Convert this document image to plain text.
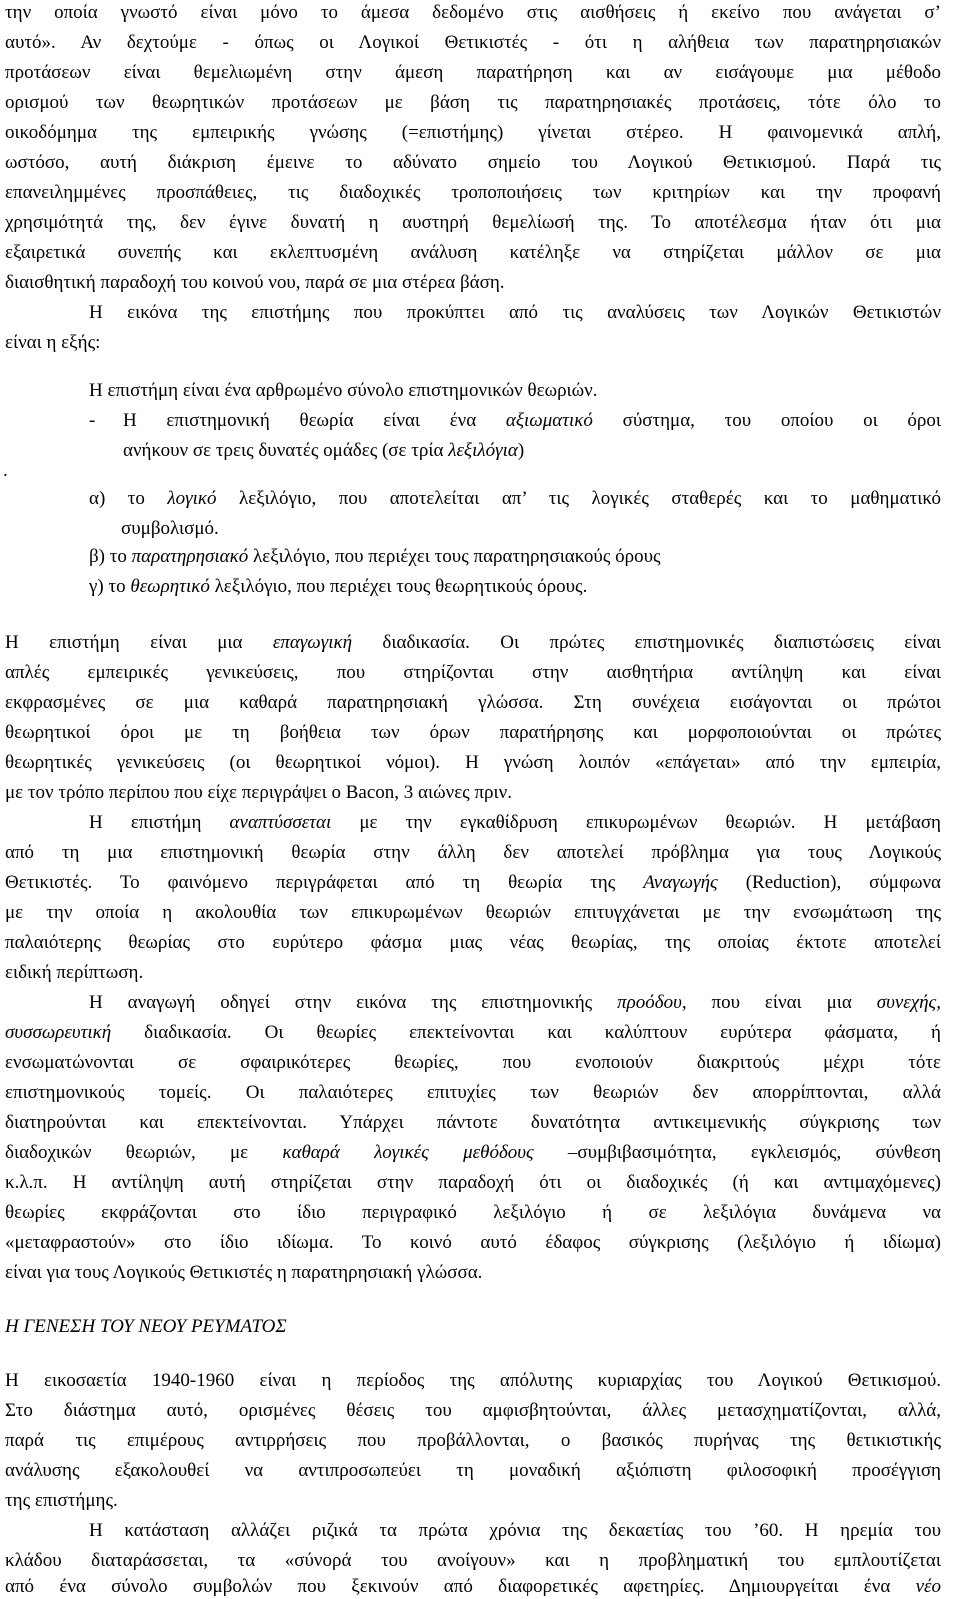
την οποία γνωστό είναι μόνο το άμεσα δεδομένο στις αισθήσεις ή εκείνο που ανάγεται σ’
αυτό». Αν δεχτούμε - όπως οι Λογικοί Θετικιστές - ότι η αλήθεια των παρατηρησιακών
προτάσεων είναι θεμελιωμένη στην άμεση παρατήρηση και αν εισάγουμε μια μέθοδο
ορισμού των θεωρητικών προτάσεων με βάση τις παρατηρησιακές προτάσεις, τότε όλο το
οικοδόμημα της εμπειρικής γνώσης (=επιστήμης) γίνεται στέρεο. Η φαινομενικά απλή,
ωστόσο, αυτή διάκριση έμεινε το αδύνατο σημείο του Λογικού Θετικισμού. Παρά τις
επανειλημμένες προσπάθειες, τις διαδοχικές τροποποιήσεις των κριτηρίων και την προφανή
χρησιμότητά της, δεν έγινε δυνατή η αυστηρή θεμελίωσή της. Το αποτέλεσμα ήταν ότι μια
εξαιρετικά συνεπής και εκλεπτυσμένη ανάλυση κατέληξε να στηρίζεται μάλλον σε μια
διαισθητική παραδοχή του κοινού νου, παρά σε μια στέρεα βάση.
Η εικόνα της επιστήμης που προκύπτει από τις αναλύσεις των Λογικών Θετικιστών
είναι η εξής:
Η επιστήμη είναι ένα αρθρωμένο σύνολο επιστημονικών θεωριών.
- Η επιστημονική θεωρία είναι ένα αξιωματικό σύστημα, του οποίου οι όροι
ανήκουν σε τρεις δυνατές ομάδες (σε τρία λεξιλόγια)
.
α) το λογικό λεξιλόγιο, που αποτελείται απ’ τις λογικές σταθερές και το μαθηματικό
συμβολισμό.
β) το παρατηρησιακό λεξιλόγιο, που περιέχει τους παρατηρησιακούς όρους
γ) το θεωρητικό λεξιλόγιο, που περιέχει τους θεωρητικούς όρους.
Η επιστήμη είναι μια επαγωγική διαδικασία. Οι πρώτες επιστημονικές διαπιστώσεις είναι
απλές εμπειρικές γενικεύσεις, που στηρίζονται στην αισθητήρια αντίληψη και είναι
εκφρασμένες σε μια καθαρά παρατηρησιακή γλώσσα. Στη συνέχεια εισάγονται οι πρώτοι
θεωρητικοί όροι με τη βοήθεια των όρων παρατήρησης και μορφοποιούνται οι πρώτες
θεωρητικές γενικεύσεις (οι θεωρητικοί νόμοι). Η γνώση λοιπόν «επάγεται» από την εμπειρία,
με τον τρόπο περίπου που είχε περιγράψει ο Bacon, 3 αιώνες πριν.
Η επιστήμη αναπτύσσεται με την εγκαθίδρυση επικυρωμένων θεωριών. Η μετάβαση
από τη μια επιστημονική θεωρία στην άλλη δεν αποτελεί πρόβλημα για τους Λογικούς
Θετικιστές. Το φαινόμενο περιγράφεται από τη θεωρία της Αναγωγής (Reduction), σύμφωνα
με την οποία η ακολουθία των επικυρωμένων θεωριών επιτυγχάνεται με την ενσωμάτωση της
παλαιότερης θεωρίας στο ευρύτερο φάσμα μιας νέας θεωρίας, της οποίας έκτοτε αποτελεί
ειδική περίπτωση.
Η αναγωγή οδηγεί στην εικόνα της επιστημονικής προόδου, που είναι μια συνεχής,
συσσωρευτική διαδικασία. Οι θεωρίες επεκτείνονται και καλύπτουν ευρύτερα φάσματα, ή
ενσωματώνονται σε σφαιρικότερες θεωρίες, που ενοποιούν διακριτούς μέχρι τότε
επιστημονικούς τομείς. Οι παλαιότερες επιτυχίες των θεωριών δεν απορρίπτονται, αλλά
διατηρούνται και επεκτείνονται. Υπάρχει πάντοτε δυνατότητα αντικειμενικής σύγκρισης των
διαδοχικών θεωριών, με καθαρά λογικές μεθόδους –συμβιβασιμότητα, εγκλεισμός, σύνθεση
κ.λ.π. Η αντίληψη αυτή στηρίζεται στην παραδοχή ότι οι διαδοχικές (ή και αντιμαχόμενες)
θεωρίες εκφράζονται στο ίδιο περιγραφικό λεξιλόγιο ή σε λεξιλόγια δυνάμενα να
«μεταφραστούν» στο ίδιο ιδίωμα. Το κοινό αυτό έδαφος σύγκρισης (λεξιλόγιο ή ιδίωμα)
είναι για τους Λογικούς Θετικιστές η παρατηρησιακή γλώσσα.
Η ΓΕΝΕΣΗ ΤΟΥ ΝΕΟΥ ΡΕΥΜΑΤΟΣ
Η εικοσαετία 1940-1960 είναι η περίοδος της απόλυτης κυριαρχίας του Λογικού Θετικισμού.
Στο διάστημα αυτό, ορισμένες θέσεις του αμφισβητούνται, άλλες μετασχηματίζονται, αλλά,
παρά τις επιμέρους αντιρρήσεις που προβάλλονται, ο βασικός πυρήνας της θετικιστικής
ανάλυσης εξακολουθεί να αντιπροσωπεύει τη μοναδική αξιόπιστη φιλοσοφική προσέγγιση
της επιστήμης.
Η κατάσταση αλλάζει ριζικά τα πρώτα χρόνια της δεκαετίας του ’60. Η ηρεμία του
κλάδου διαταράσσεται, τα «σύνορά του ανοίγουν» και η προβληματική του εμπλουτίζεται
από ένα σύνολο συμβολών που ξεκινούν από διαφορετικές αφετηρίες. Δημιουργείται ένα νέο
